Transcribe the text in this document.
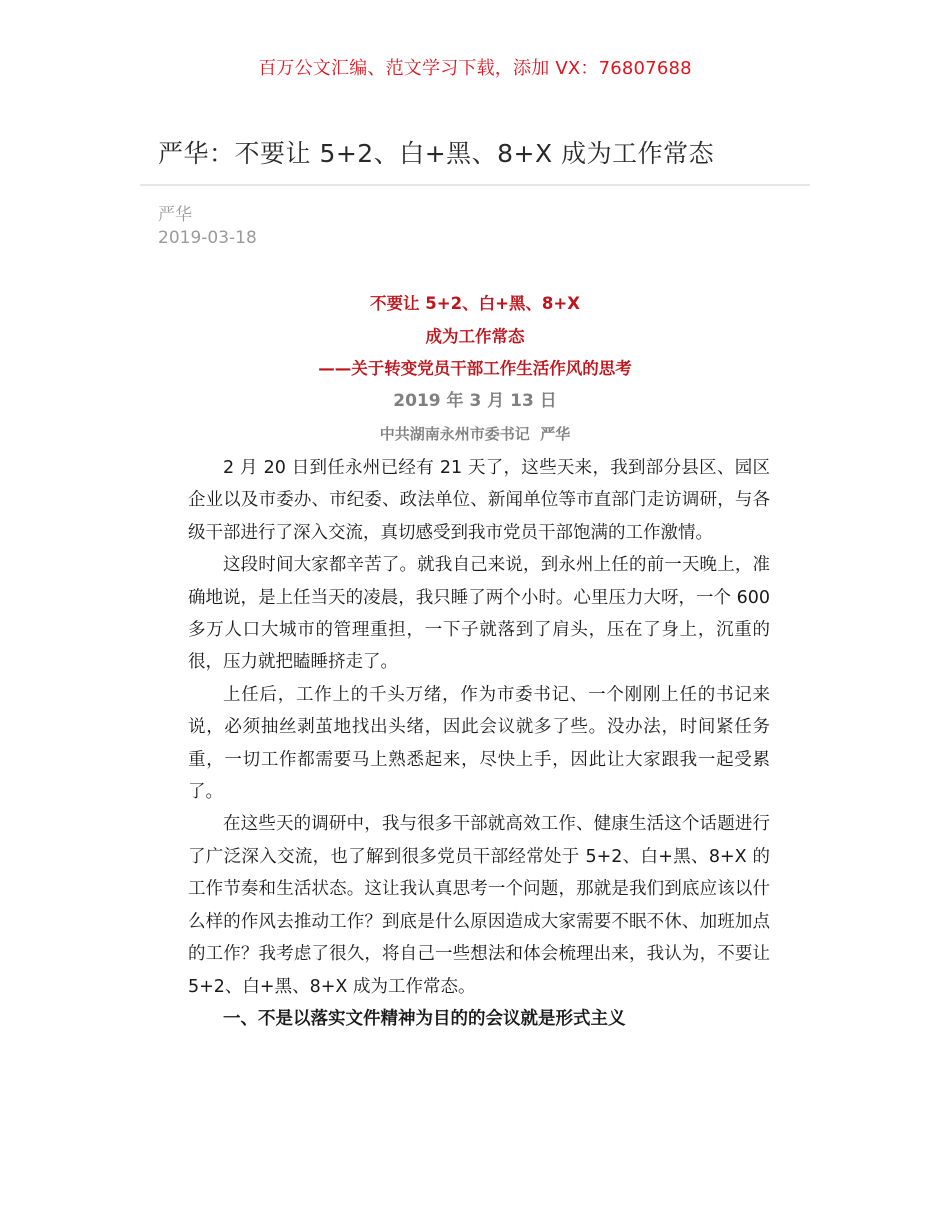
百万公文汇编、范文学习下载，添加 VX：76807688
严华：不要让 5+2、白+黑、8+X 成为工作常态
严华
2019-03-18
不要让 5+2、白+黑、8+X
成为工作常态
——关于转变党员干部工作生活作风的思考
2019 年 3 月 13 日
中共湖南永州市委书记  严华

2 月 20 日到任永州已经有 21 天了，这些天来，我到部分县区、园区企业以及市委办、市纪委、政法单位、新闻单位等市直部门走访调研，与各级干部进行了深入交流，真切感受到我市党员干部饱满的工作激情。

这段时间大家都辛苦了。就我自己来说，到永州上任的前一天晚上，准确地说，是上任当天的凌晨，我只睡了两个小时。心里压力大呀，一个 600 多万人口大城市的管理重担，一下子就落到了肩头，压在了身上，沉重的很，压力就把瞌睡挤走了。

上任后，工作上的千头万绪，作为市委书记、一个刚刚上任的书记来说，必须抽丝剥茧地找出头绪，因此会议就多了些。没办法，时间紧任务重，一切工作都需要马上熟悉起来，尽快上手，因此让大家跟我一起受累了。

在这些天的调研中，我与很多干部就高效工作、健康生活这个话题进行了广泛深入交流，也了解到很多党员干部经常处于 5+2、白+黑、8+X 的工作节奏和生活状态。这让我认真思考一个问题，那就是我们到底应该以什么样的作风去推动工作？到底是什么原因造成大家需要不眠不休、加班加点的工作？我考虑了很久，将自己一些想法和体会梳理出来，我认为，不要让 5+2、白+黑、8+X 成为工作常态。

一、不是以落实文件精神为目的的会议就是形式主义
